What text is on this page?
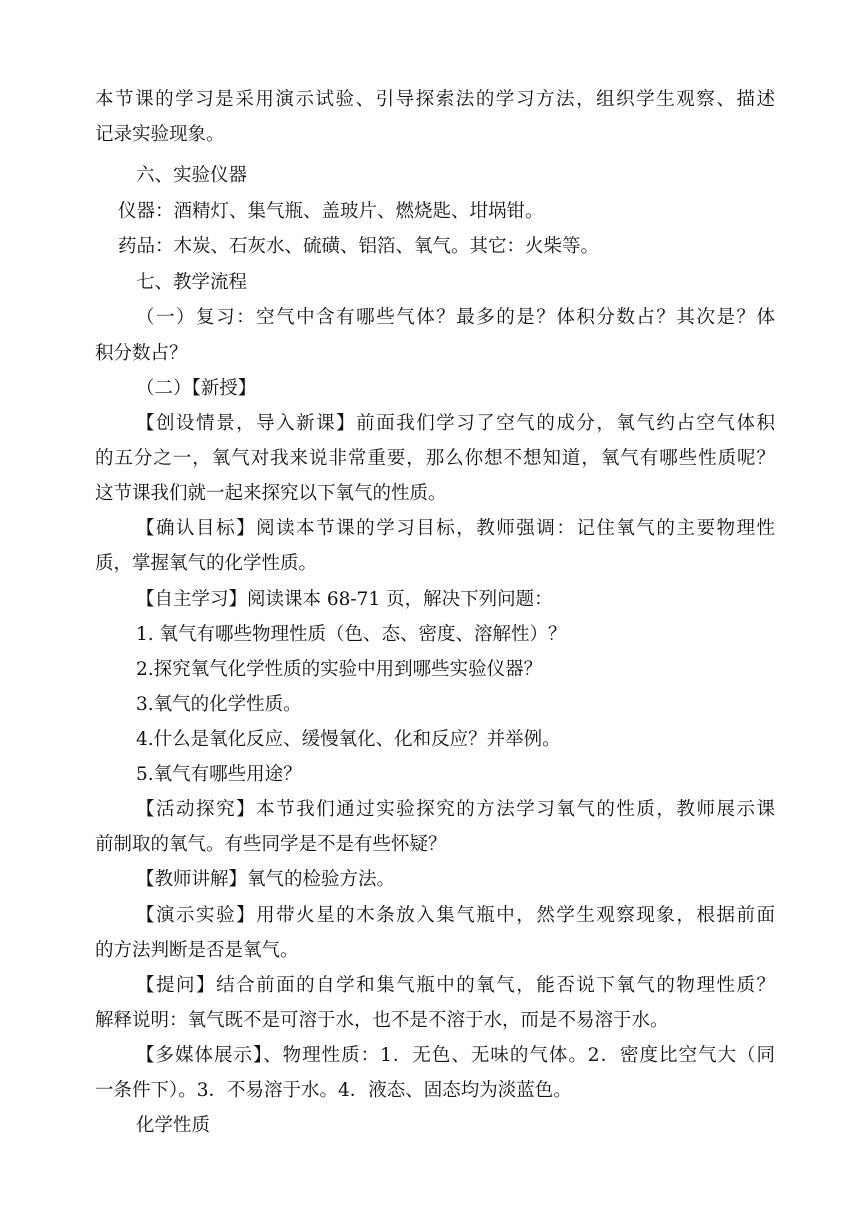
本节课的学习是采用演示试验、引导探索法的学习方法，组织学生观察、描述
记录实验现象。
六、实验仪器
仪器：酒精灯、集气瓶、盖玻片、燃烧匙、坩埚钳。
药品：木炭、石灰水、硫磺、铝箔、氧气。其它：火柴等。
七、教学流程
（一）复习：空气中含有哪些气体？最多的是？体积分数占？其次是？体
积分数占？
（二）【新授】
【创设情景，导入新课】前面我们学习了空气的成分，氧气约占空气体积
的五分之一，氧气对我来说非常重要，那么你想不想知道，氧气有哪些性质呢？
这节课我们就一起来探究以下氧气的性质。
【确认目标】阅读本节课的学习目标，教师强调：记住氧气的主要物理性
质，掌握氧气的化学性质。
【自主学习】阅读课本 68-71 页，解决下列问题：
1. 氧气有哪些物理性质（色、态、密度、溶解性）？
2.探究氧气化学性质的实验中用到哪些实验仪器？
3.氧气的化学性质。
4.什么是氧化反应、缓慢氧化、化和反应？并举例。
5.氧气有哪些用途？
【活动探究】本节我们通过实验探究的方法学习氧气的性质，教师展示课
前制取的氧气。有些同学是不是有些怀疑？
【教师讲解】氧气的检验方法。
【演示实验】用带火星的木条放入集气瓶中，然学生观察现象，根据前面
的方法判断是否是氧气。
【提问】结合前面的自学和集气瓶中的氧气，能否说下氧气的物理性质？
解释说明：氧气既不是可溶于水，也不是不溶于水，而是不易溶于水。
【多媒体展示】、物理性质：1．无色、无味的气体。2．密度比空气大（同
一条件下）。3．不易溶于水。4．液态、固态均为淡蓝色。
化学性质
